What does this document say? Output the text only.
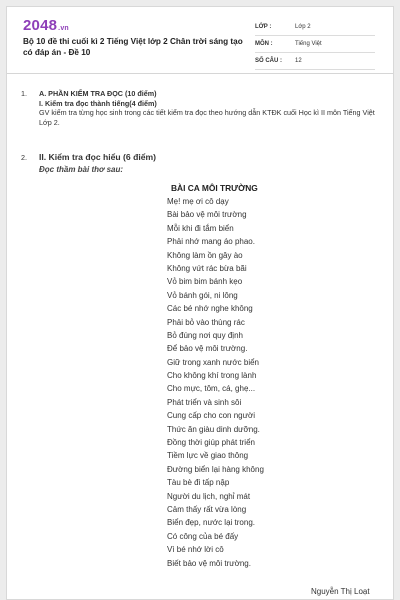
2048.vn
Bộ 10 đề thi cuối kì 2 Tiếng Việt lớp 2 Chân trời sáng tạo có đáp án - Đề 10
LỚP :	Lớp 2
MÔN :	Tiếng Việt
SỐ CÂU : 12
1. A. PHẦN KIỂM TRA ĐỌC (10 điểm)
I. Kiểm tra đọc thành tiếng(4 điểm)
GV kiểm tra từng học sinh trong các tiết kiểm tra đọc theo hướng dẫn KTĐK cuối Học kì II môn Tiếng Việt Lớp 2.
2. II. Kiểm tra đọc hiểu (6 điểm)
Đọc thầm bài thơ sau:
BÀI CA MÔI TRƯỜNG
Mẹ! mẹ ơi cô dạy
Bài bảo vệ môi trường
Mỗi khi đi tắm biển
Phải nhớ mang áo phao.
Không làm ồn gây ào
Không vứt rác bừa bãi
Vỏ bim bim bánh kẹo
Vỏ bánh gói, ni lông
Các bé nhớ nghe không
Phải bỏ vào thùng rác
Bỏ đúng nơi quy định
Để bảo vệ môi trường.
Giữ trong xanh nước biển
Cho không khí trong lành
Cho mực, tôm, cá, ghẹ...
Phát triển và sinh sôi
Cung cấp cho con người
Thức ăn giàu dinh dưỡng.
Đồng thời giúp phát triển
Tiềm lực về giao thông
Đường biển lại hàng không
Tàu bè đi tấp nập
Người du lịch, nghỉ mát
Cảm thấy rất vừa lòng
Biển đẹp, nước lại trong.
Có công của bé đấy
Vì bé nhớ lời cô
Biết bảo vệ môi trường.
Nguyễn Thị Loạt
